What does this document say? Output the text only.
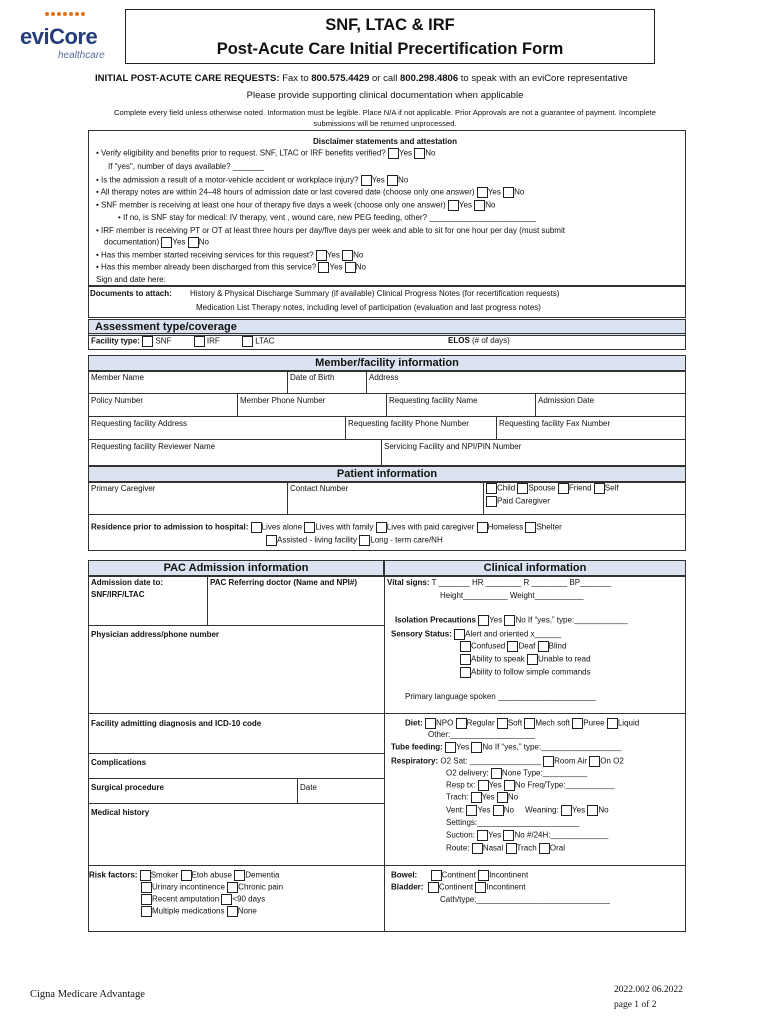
eviCore
healthcare
SNF, LTAC & IRF
Post-Acute Care Initial Precertification Form
INITIAL POST-ACUTE CARE REQUESTS: Fax to 800.575.4429 or call 800.298.4806 to speak with an eviCore representative
Please provide supporting clinical documentation when applicable
Complete every field unless otherwise noted. Information must be legible. Place N/A if not applicable. Prior Approvals are not a guarantee of payment. Incomplete
submissions will be returned unprocessed.
Disclaimer statements and attestation
• Verify eligibility and benefits prior to request. SNF, LTAC or IRF benefits verified? Yes No
If "yes", number of days available? _______
• Is the admission a result of a motor-vehicle accident or workplace injury? Yes No
• All therapy notes are within 24–48 hours of admission date or last covered date (choose only one answer) Yes No
• SNF member is receiving at least one hour of therapy five days a week (choose only one answer) Yes No
• If no, is SNF stay for medical: IV therapy, vent , wound care, new PEG feeding, other? ________________________
• IRF member is receiving PT or OT at least three hours per day/five days per week and able to sit for one hour per day (must submit
documentation) Yes No
• Has this member started receiving services for this request? Yes No
• Has this member already been discharged from this service? Yes No
Sign and date here:
Documents to attach: History & Physical Discharge Summary (if available) Clinical Progress Notes (for recertification requests)
Medication List Therapy notes, including level of participation (evaluation and last progress notes)
Assessment type/coverage
Facility type: SNF	IRF	LTAC	ELOS (# of days)
Member/facility information
Member Name	Date of Birth	Address
Policy Number	Member Phone Number	Requesting facility Name	Admission Date
Requesting facility Address	Requesting facility Phone Number	Requesting facility Fax Number
Requesting facility Reviewer Name	Servicing Facility and NPI/PIN Number
Patient information
Primary Caregiver	Contact Number	Child Spouse Friend Self
Paid Caregiver
Residence prior to admission to hospital: Lives alone Lives with family Lives with paid caregiver Homeless Shelter
Assisted - living facility Long - term care/NH
PAC Admission information	Clinical information
Admission date to:
SNF/IRF/LTAC
PAC Referring doctor (Name and NPI#)
Physician address/phone number
Facility admitting diagnosis and ICD-10 code
Complications
Surgical procedure	Date
Medical history
Risk factors: Smoker Etoh abuse Dementia
Urinary incontinence Chronic pain
Recent amputation <90 days
Multiple medications None
Vital signs: T _______ HR ________ R ________ BP_______
Height__________ Weight___________
Isolation Precautions Yes No If “yes,” type:____________
Sensory Status: Alert and oriented x______
Confused Deaf Blind
Ability to speak Unable to read
Ability to follow simple commands
Primary language spoken ______________________
Diet: NPO Regular Soft Mech soft Puree Liquid
Other:___________________
Tube feeding: Yes No If “yes,” type:__________________
Respiratory: O2 Sat: ________________ Room Air On O2
O2 delivery: None Type:__________
Resp tx: Yes No Freq/Type:___________
Trach: Yes No
Vent: Yes No Weaning: Yes No
Settings:_______________________
Suction: Yes No #/24H:_____________
Route: Nasal Trach Oral
Bowel:	Continent Incontinent
Bladder: Continent Incontinent
Cath/type:______________________________
Cigna Medicare Advantage	2022.002 06.2022
page 1 of 2
